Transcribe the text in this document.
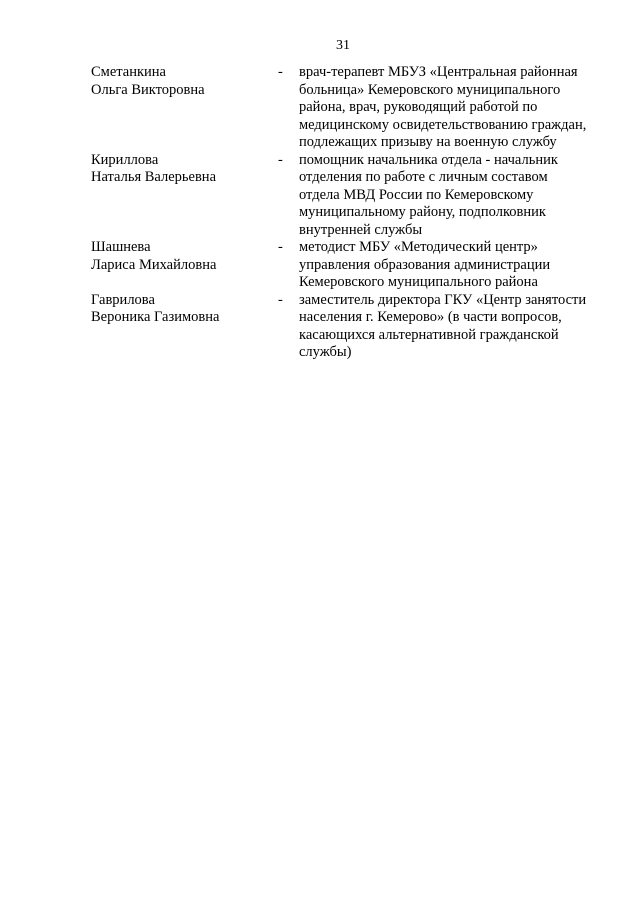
31
Сметанкина
Ольга Викторовна
-	врач-терапевт МБУЗ «Центральная районная
больница» Кемеровского муниципального
района, врач, руководящий работой по
медицинскому освидетельствованию граждан,
подлежащих призыву на военную службу
Кириллова
Наталья Валерьевна
-	помощник начальника отдела - начальник
отделения по работе с личным составом
отдела МВД России по Кемеровскому
муниципальному району, подполковник
внутренней службы
Шашнева
Лариса Михайловна
-	методист МБУ «Методический центр»
управления образования администрации
Кемеровского муниципального района
Гаврилова
Вероника Газимовна
-	заместитель директора ГКУ «Центр занятости
населения г. Кемерово» (в части вопросов,
касающихся альтернативной гражданской
службы)
